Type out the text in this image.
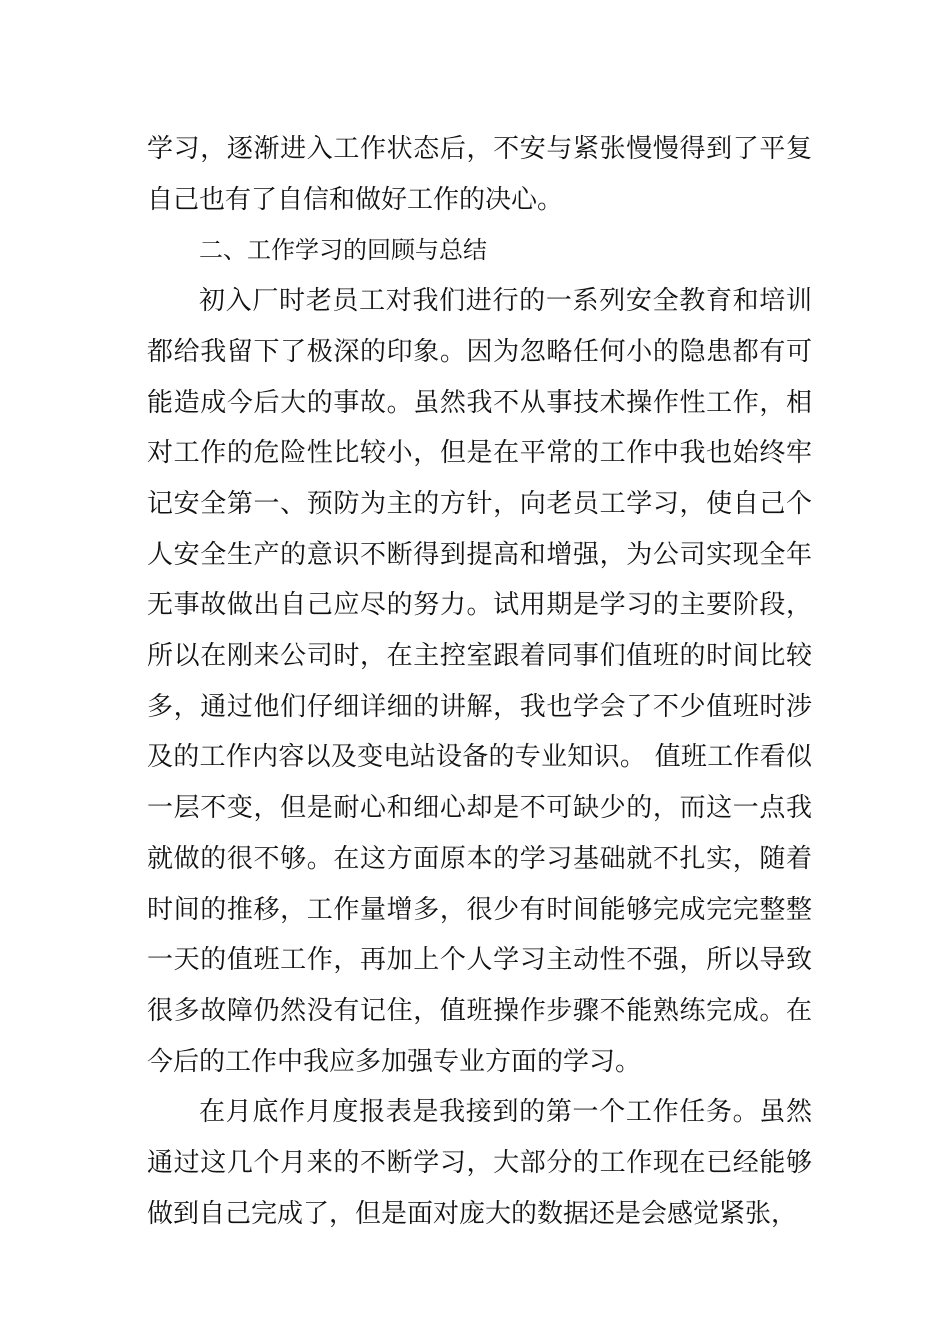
学习，逐渐进入工作状态后，不安与紧张慢慢得到了平复自己也有了自信和做好工作的决心。

二、工作学习的回顾与总结

初入厂时老员工对我们进行的一系列安全教育和培训都给我留下了极深的印象。因为忽略任何小的隐患都有可能造成今后大的事故。虽然我不从事技术操作性工作，相对工作的危险性比较小，但是在平常的工作中我也始终牢记安全第一、预防为主的方针，向老员工学习，使自己个人安全生产的意识不断得到提高和增强，为公司实现全年无事故做出自己应尽的努力。试用期是学习的主要阶段，所以在刚来公司时，在主控室跟着同事们值班的时间比较多，通过他们仔细详细的讲解，我也学会了不少值班时涉及的工作内容以及变电站设备的专业知识。 值班工作看似一层不变，但是耐心和细心却是不可缺少的，而这一点我就做的很不够。在这方面原本的学习基础就不扎实，随着时间的推移，工作量增多，很少有时间能够完成完完整整一天的值班工作，再加上个人学习主动性不强，所以导致很多故障仍然没有记住，值班操作步骤不能熟练完成。在今后的工作中我应多加强专业方面的学习。

在月底作月度报表是我接到的第一个工作任务。虽然通过这几个月来的不断学习，大部分的工作现在已经能够做到自己完成了，但是面对庞大的数据还是会感觉紧张，
